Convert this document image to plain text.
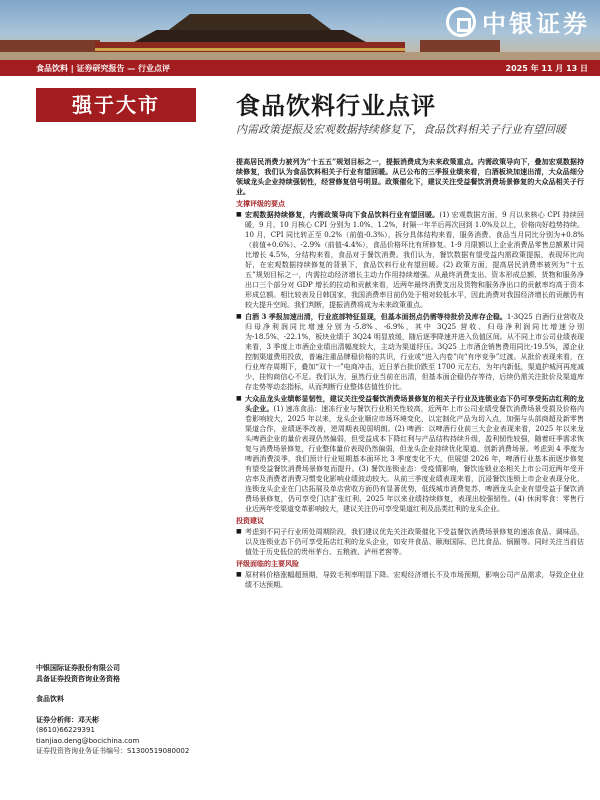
中银证券
食品饮料 | 证券研究报告 — 行业点评	2025 年 11 月 13 日
强于大市	食品饮料行业点评
内需政策提振及宏观数据持续修复下，食品饮料相关子行业有望回暖
中银国际证券股份有限公司
具备证券投资咨询业务资格
食品饮料
证券分析师：邓天彬
(8610)66229391
tianjiao.deng@bocichina.com
证券投资咨询业务证书编号：S1300519080002

提高居民消费力被列为“十五五”规划目标之一，提振消费成为未来政策重点。内需政策导向下，叠加宏观数据持续修复，我们认为食品饮料相关子行业有望回暖。从已公布的三季报业绩来看，白酒板块加速出清，大众品细分领域龙头企业持续强韧性，经营修复信号明显。政策催化下，建议关注受益餐饮消费场景修复的大众品相关子行业。

支撑评级的要点
■ 宏观数据持续修复，内需政策导向下食品饮料行业有望回暖。(1) 宏观数据方面，9 月以来核心 CPI 持续回暖，9 月、10 月核心 CPI 分别为 1.0%、1.2%，时隔一年半后再次回到 1.0%及以上，价格向好趋势持续。10 月，CPI 同比转正至 0.2%（前值-0.3%），拆分具体结构来看，服务消费、食品当月同比分别为+0.8%（前值+0.6%）、-2.9%（前值-4.4%），食品价格环比有所修复。1-9 月限额以上企业消费品零售总额累计同比增长 4.5%，分结构来看，食品对于餐饮消费。我们认为，餐饮数据有望受益内需政策提振，表现环比向好，在宏观数据持续修复的背景下，食品饮料行业有望回暖。(2) 政策方面，提高居民消费率被列为“十五五”规划目标之一，内需拉动经济增长主动力作用持续增强。从最终消费支出、资本形成总额、货物和服务净出口三个部分对 GDP 增长的拉动和贡献来看，近两年最终消费支出及货物和服务净出口的贡献率均高于资本形成总额。相比较表及日韩国家，我国消费率目前仍处于相对较低水平，因此消费对我国经济增长的贡献仍有较大提升空间。我们判断，提振消费将成为未来政策重点。
■ 白酒 3 季报加速出清，行业底部特征显现，但基本面拐点仍需等待批价及库存企稳。1-3Q25 白酒行业营收及归母净利润同比增速分别为-5.8%、-6.9%，其中 3Q25 营收、归母净利润同比增速分别为-18.5%、-22.1%，板块业绩于 3Q24 明显放缓，随后逐季降速并进入负值区间。从不同上市公司业绩表现来看，3 季度上市酒企业绩出清幅度较大，主动为渠道纾压。3Q25 上市酒企销售费用同比-19.5%，源企业控制渠道费用投放，普遍注重品牌稳价格的共识，行业或“进入内卷”向“有序竞争”过渡。从批价表现来看，在行业库存周期下，叠加“双十一”电商冲击，近日茅台批价跌至 1700 元左右，为年内新低，渠道护城河再度减少，挂钩商信心不足。我们认为，虽然行业当前在出清，但基本面企稳仍存等待，后续仍需关注批价及渠道库存走势等动态指标，从而判断行业整体估值性价比。
■ 大众品龙头业绩彰显韧性，建议关注受益餐饮消费场景修复的相关子行业及连锁业态下仍可享受拓店红利的龙头企业。(1) 速冻食品：速冻行业与餐饮行业相关性较高，近两年上市公司业绩受餐饮消费场景受损及价格内卷影响较大，2025 年以来，龙头企业顺应市场环境变化，以定制化产品为切入点，加强与头部商超及新零售渠道合作，业绩逐季改善，逆周期表现弱明朗。(2) 啤酒：以啤酒行业前三大企业表现来看，2025 年以来龙头啤酒企业的量价表现仍然偏弱，但受益成本下降红利与产品结构持续升级，盈利韧性较强，随着旺季需求恢复与消费场景修复，行业整体量价表现仍然偏弱，但龙头企业持续优化渠道、创新消费场景。考虑到 4 季度为啤酒消费淡季，我们预计行业短期基本面环比 3 季度变化不大，但展望 2026 年，啤酒行业基本面逐步修复有望受益餐饮消费场景修复而提升。(3) 餐饮连锁业态：受疫情影响，餐饮连锁业态相关上市公司近两年受开店率及消费者消费习惯变化影响业绩波动较大。从前三季度业绩表现来看，沉浸餐饮连锁上市企业表现分化，连锁龙头企业在门店拓展及单店营收方面仍有显著优势，低线城市消费复苏，啤酒龙头企业有望受益于餐饮消费场景修复，仍可享受门店扩张红利，2025 年以来业绩持续修复，表现出较强韧性。(4) 休闲零食：零售行业近两年受渠道变革影响较大，建议关注仍可享受渠道红利及品类红利的龙头企业。
投资建议
■ 考虑到不同子行业所处周期阶段，我们建议优先关注政策催化下受益餐饮消费场景修复的速冻食品、调味品，以及连锁业态下仍可享受拓店红利的龙头企业，如安井食品、颐海国际、巴比食品、锅圈等。同时关注当前估值处于历史低位的贵州茅台、五粮液、泸州老窖等。
评级面临的主要风险
■ 原材料价格涨幅超预期，导致毛利率明显下降。宏观经济增长不及市场预期，影响公司产品需求，导致企业业绩不达预期。
